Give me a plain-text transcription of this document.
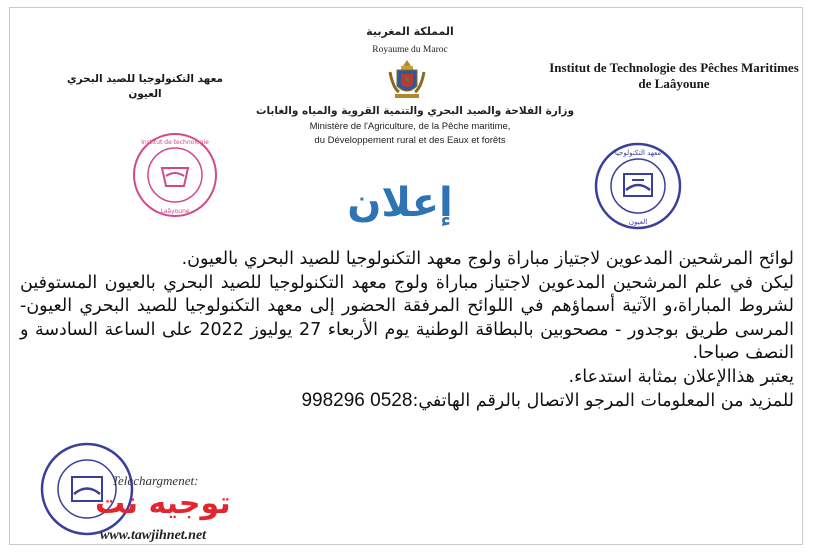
المملكة المغربية
Royaume du Maroc
وزارة الفلاحة والصيد البحري والتنمية القروية والمياه والغابات
Ministère de l'Agriculture, de la Pêche maritime,
du Développement rural et des Eaux et forêts
Institut de Technologie des Pêches Maritimes
de Laâyoune
معهد التكنولوجيا للصيد البحري
العيون
Institut de technologie
Laâyoune
معهد التكنولوجيا
العيون
إعلان

لوائح المرشحين المدعوين لاجتياز مباراة ولوج معهد التكنولوجيا للصيد البحري بالعيون.

ليكن في علم المرشحين المدعوين لاجتياز مباراة ولوج معهد التكنولوجيا للصيد البحري بالعيون المستوفين لشروط المباراة،و الآتية أسماؤهم في اللوائح المرفقة الحضور إلى معهد التكنولوجيا للصيد البحري العيون- المرسى طريق بوجدور - مصحوبين بالبطاقة الوطنية يوم الأربعاء 27 يوليوز 2022 على الساعة السادسة و النصف صباحا.

يعتبر هذاالإعلان بمثابة استدعاء.

للمزيد من المعلومات المرجو الاتصال بالرقم الهاتفي:0528 998296

Telechargmenet:
توجيه نت
www.tawjihnet.net
